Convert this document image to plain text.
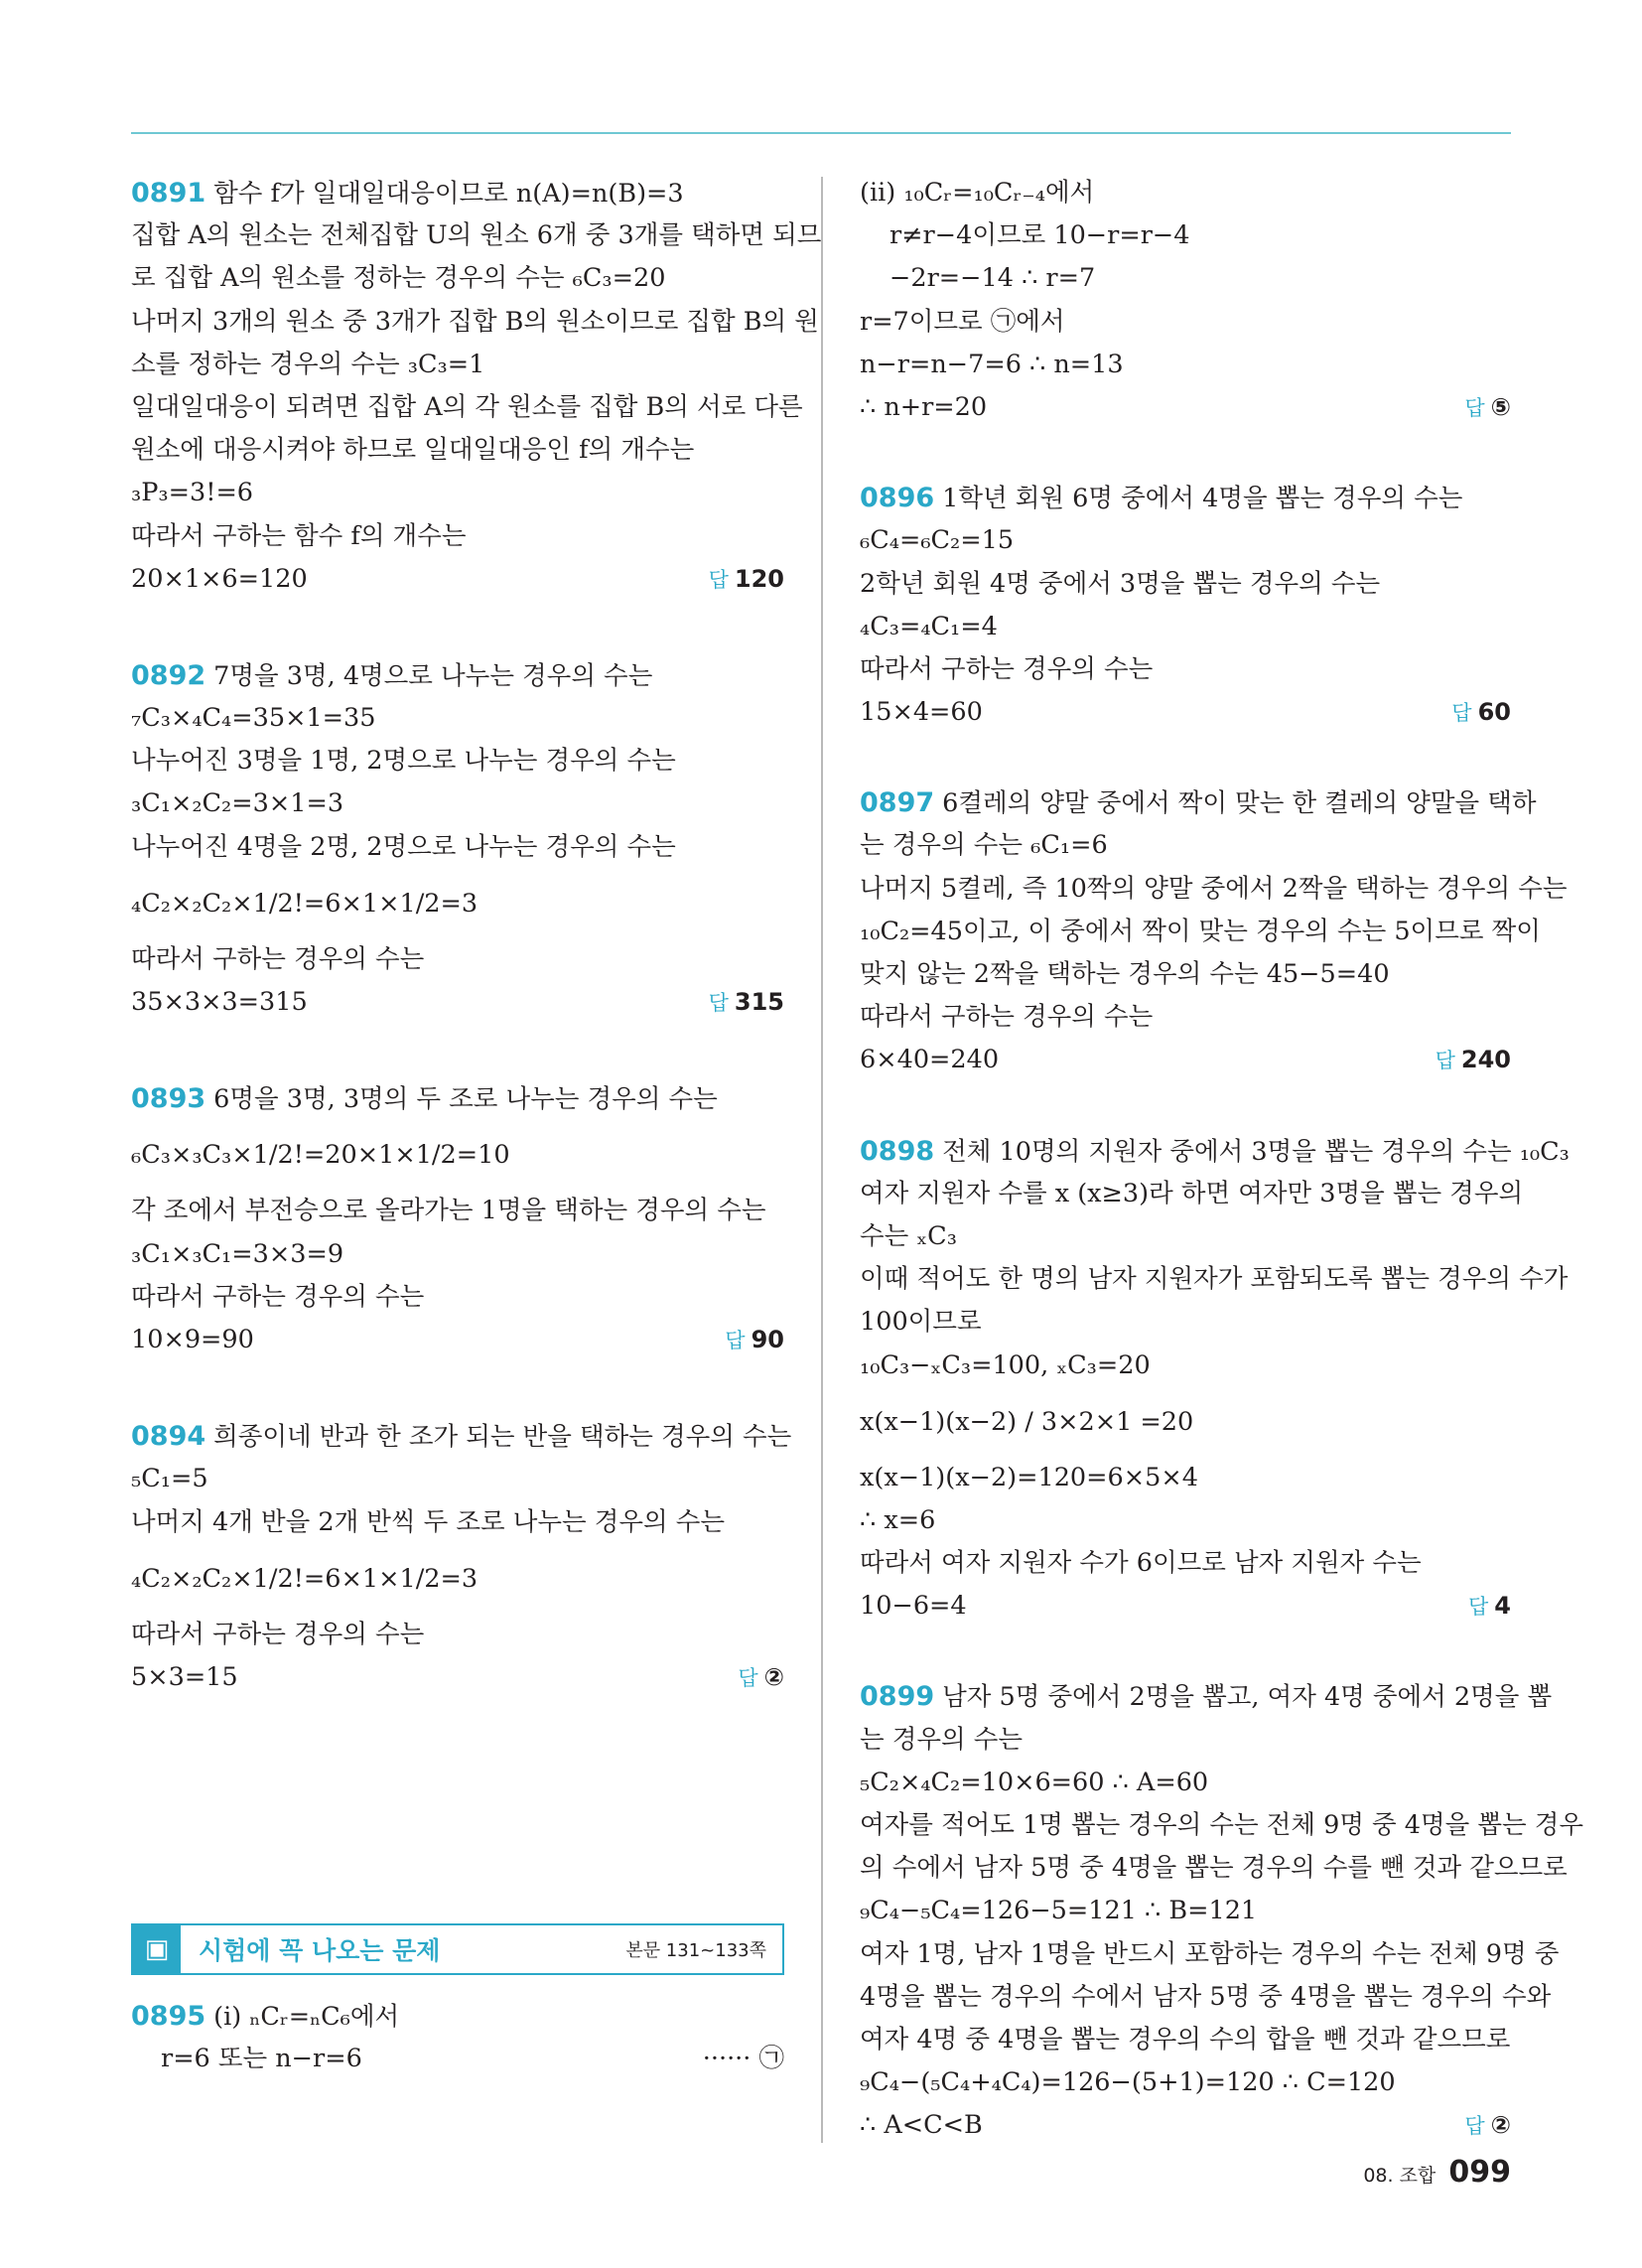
0891 함수 f가 일대일대응이므로 n(A)=n(B)=3
집합 A의 원소는 전체집합 U의 원소 6개 중 3개를 택하면 되므
로 집합 A의 원소를 정하는 경우의 수는 ₆C₃=20
나머지 3개의 원소 중 3개가 집합 B의 원소이므로 집합 B의 원
소를 정하는 경우의 수는 ₃C₃=1
일대일대응이 되려면 집합 A의 각 원소를 집합 B의 서로 다른
원소에 대응시켜야 하므로 일대일대응인 f의 개수는
₃P₃=3!=6
따라서 구하는 함수 f의 개수는
20×1×6=120	답 120
0892 7명을 3명, 4명으로 나누는 경우의 수는
₇C₃×₄C₄=35×1=35
나누어진 3명을 1명, 2명으로 나누는 경우의 수는
₃C₁×₂C₂=3×1=3
나누어진 4명을 2명, 2명으로 나누는 경우의 수는
₄C₂×₂C₂×1/2!=6×1×1/2=3
따라서 구하는 경우의 수는
35×3×3=315	답 315
0893 6명을 3명, 3명의 두 조로 나누는 경우의 수는
₆C₃×₃C₃×1/2!=20×1×1/2=10
각 조에서 부전승으로 올라가는 1명을 택하는 경우의 수는
₃C₁×₃C₁=3×3=9
따라서 구하는 경우의 수는
10×9=90	답 90
0894 희종이네 반과 한 조가 되는 반을 택하는 경우의 수는
₅C₁=5
나머지 4개 반을 2개 반씩 두 조로 나누는 경우의 수는
₄C₂×₂C₂×1/2!=6×1×1/2=3
따라서 구하는 경우의 수는
5×3=15	답 ②
▣	시험에 꼭 나오는 문제	본문 131~133쪽
0895 (i) ₙCᵣ=ₙC₆에서
r=6 또는 n−r=6	······ ㉠
(ii) ₁₀Cᵣ=₁₀Cᵣ₋₄에서
r≠r−4이므로 10−r=r−4
−2r=−14 ∴ r=7
r=7이므로 ㉠에서
n−r=n−7=6 ∴ n=13
∴ n+r=20	답 ⑤
0896 1학년 회원 6명 중에서 4명을 뽑는 경우의 수는
₆C₄=₆C₂=15
2학년 회원 4명 중에서 3명을 뽑는 경우의 수는
₄C₃=₄C₁=4
따라서 구하는 경우의 수는
15×4=60	답 60
0897 6켤레의 양말 중에서 짝이 맞는 한 켤레의 양말을 택하
는 경우의 수는 ₆C₁=6
나머지 5켤레, 즉 10짝의 양말 중에서 2짝을 택하는 경우의 수는
₁₀C₂=45이고, 이 중에서 짝이 맞는 경우의 수는 5이므로 짝이
맞지 않는 2짝을 택하는 경우의 수는 45−5=40
따라서 구하는 경우의 수는
6×40=240	답 240
0898 전체 10명의 지원자 중에서 3명을 뽑는 경우의 수는 ₁₀C₃
여자 지원자 수를 x (x≥3)라 하면 여자만 3명을 뽑는 경우의
수는 ₓC₃
이때 적어도 한 명의 남자 지원자가 포함되도록 뽑는 경우의 수가
100이므로
₁₀C₃−ₓC₃=100, ₓC₃=20
x(x−1)(x−2) / 3×2×1 =20
x(x−1)(x−2)=120=6×5×4
∴ x=6
따라서 여자 지원자 수가 6이므로 남자 지원자 수는
10−6=4	답 4
0899 남자 5명 중에서 2명을 뽑고, 여자 4명 중에서 2명을 뽑
는 경우의 수는
₅C₂×₄C₂=10×6=60 ∴ A=60
여자를 적어도 1명 뽑는 경우의 수는 전체 9명 중 4명을 뽑는 경우
의 수에서 남자 5명 중 4명을 뽑는 경우의 수를 뺀 것과 같으므로
₉C₄−₅C₄=126−5=121 ∴ B=121
여자 1명, 남자 1명을 반드시 포함하는 경우의 수는 전체 9명 중
4명을 뽑는 경우의 수에서 남자 5명 중 4명을 뽑는 경우의 수와
여자 4명 중 4명을 뽑는 경우의 수의 합을 뺀 것과 같으므로
₉C₄−(₅C₄+₄C₄)=126−(5+1)=120 ∴ C=120
∴ A<C<B	답 ②
08. 조합 099
